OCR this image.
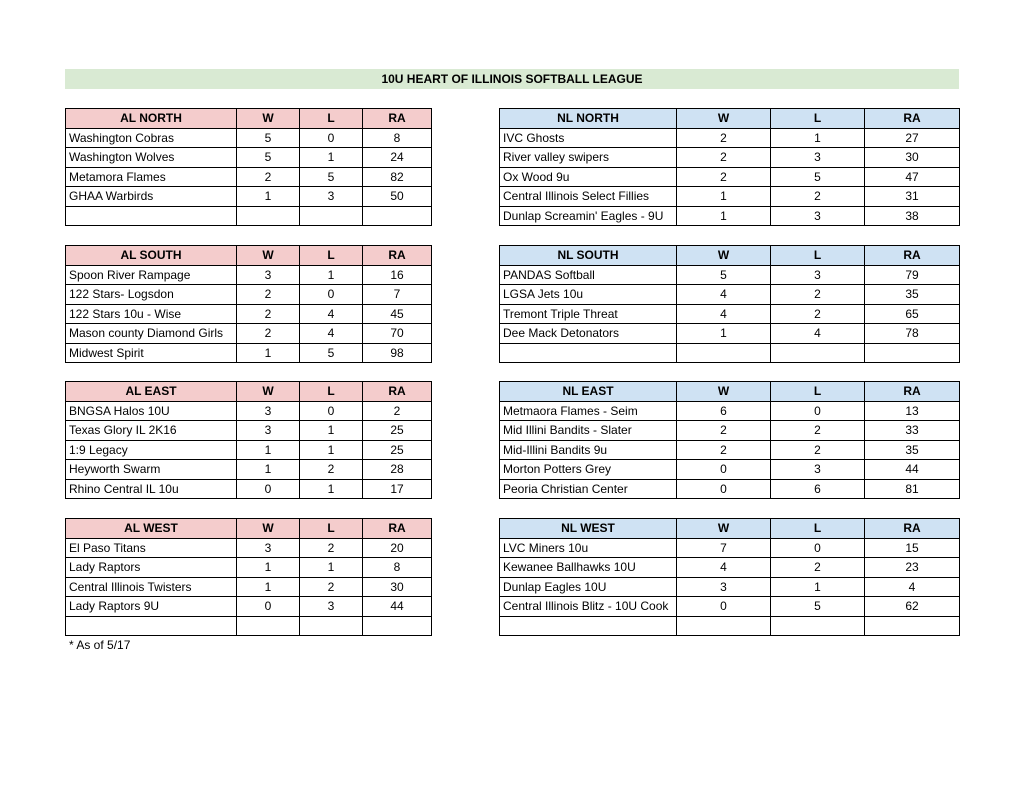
10U HEART OF ILLINOIS SOFTBALL LEAGUE
AL NORTH	W	L	RA
Washington Cobras	5	0	8
Washington Wolves	5	1	24
Metamora Flames	2	5	82
GHAA Warbirds	1	3	50

NL NORTH	W	L	RA
IVC Ghosts	2	1	27
River valley swipers	2	3	30
Ox Wood 9u	2	5	47
Central Illinois Select Fillies	1	2	31
Dunlap Screamin' Eagles - 9U	1	3	38
AL SOUTH	W	L	RA
Spoon River Rampage	3	1	16
122 Stars- Logsdon	2	0	7
122 Stars 10u - Wise	2	4	45
Mason county Diamond Girls	2	4	70
Midwest Spirit	1	5	98
NL SOUTH	W	L	RA
PANDAS Softball	5	3	79
LGSA Jets 10u	4	2	35
Tremont Triple Threat	4	2	65
Dee Mack Detonators	1	4	78

AL EAST	W	L	RA
BNGSA Halos 10U	3	0	2
Texas Glory IL 2K16	3	1	25
1:9 Legacy	1	1	25
Heyworth Swarm	1	2	28
Rhino Central IL 10u	0	1	17
NL EAST	W	L	RA
Metmaora Flames - Seim	6	0	13
Mid Illini Bandits - Slater	2	2	33
Mid-Illini Bandits 9u	2	2	35
Morton Potters Grey	0	3	44
Peoria Christian Center	0	6	81
AL WEST	W	L	RA
El Paso Titans	3	2	20
Lady Raptors	1	1	8
Central Illinois Twisters	1	2	30
Lady Raptors 9U	0	3	44

NL WEST	W	L	RA
LVC Miners 10u	7	0	15
Kewanee Ballhawks 10U	4	2	23
Dunlap Eagles 10U	3	1	4
Central Illinois Blitz - 10U Cook	0	5	62

* As of 5/17
